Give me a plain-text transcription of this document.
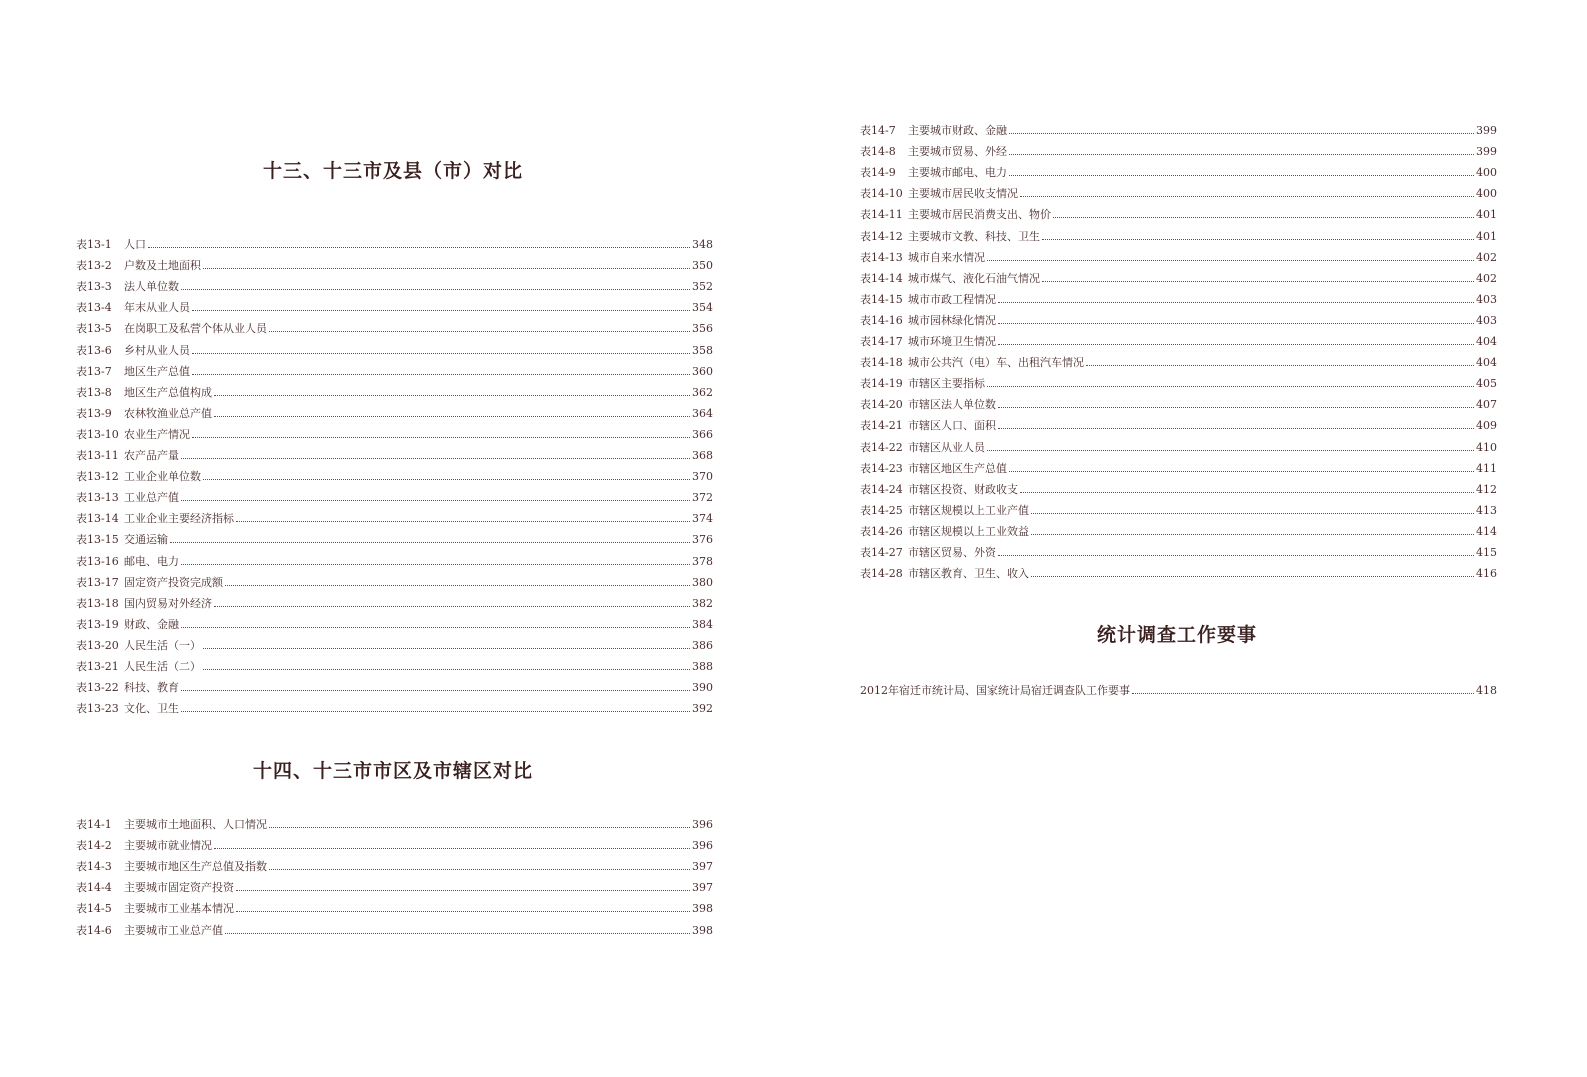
十三、十三市及县（市）对比
表13-1	人口	348
表13-2	户数及土地面积	350
表13-3	法人单位数	352
表13-4	年末从业人员	354
表13-5	在岗职工及私营个体从业人员	356
表13-6	乡村从业人员	358
表13-7	地区生产总值	360
表13-8	地区生产总值构成	362
表13-9	农林牧渔业总产值	364
表13-10 农业生产情况	366
表13-11 农产品产量	368
表13-12 工业企业单位数	370
表13-13 工业总产值	372
表13-14 工业企业主要经济指标	374
表13-15 交通运输	376
表13-16 邮电、电力	378
表13-17 固定资产投资完成额	380
表13-18 国内贸易对外经济	382
表13-19 财政、金融	384
表13-20 人民生活（一）	386
表13-21 人民生活（二）	388
表13-22 科技、教育	390
表13-23 文化、卫生	392
十四、十三市市区及市辖区对比
表14-1	主要城市土地面积、人口情况	396
表14-2	主要城市就业情况	396
表14-3	主要城市地区生产总值及指数	397
表14-4	主要城市固定资产投资	397
表14-5	主要城市工业基本情况	398
表14-6	主要城市工业总产值	398
表14-7	主要城市财政、金融	399
表14-8	主要城市贸易、外经	399
表14-9	主要城市邮电、电力	400
表14-10 主要城市居民收支情况	400
表14-11 主要城市居民消费支出、物价	401
表14-12 主要城市文教、科技、卫生	401
表14-13 城市自来水情况	402
表14-14 城市煤气、液化石油气情况	402
表14-15 城市市政工程情况	403
表14-16 城市园林绿化情况	403
表14-17 城市环境卫生情况	404
表14-18 城市公共汽（电）车、出租汽车情况	404
表14-19 市辖区主要指标	405
表14-20 市辖区法人单位数	407
表14-21 市辖区人口、面积	409
表14-22 市辖区从业人员	410
表14-23 市辖区地区生产总值	411
表14-24 市辖区投资、财政收支	412
表14-25 市辖区规模以上工业产值	413
表14-26 市辖区规模以上工业效益	414
表14-27 市辖区贸易、外资	415
表14-28 市辖区教育、卫生、收入	416
统计调查工作要事
2012年宿迁市统计局、国家统计局宿迁调查队工作要事	418
